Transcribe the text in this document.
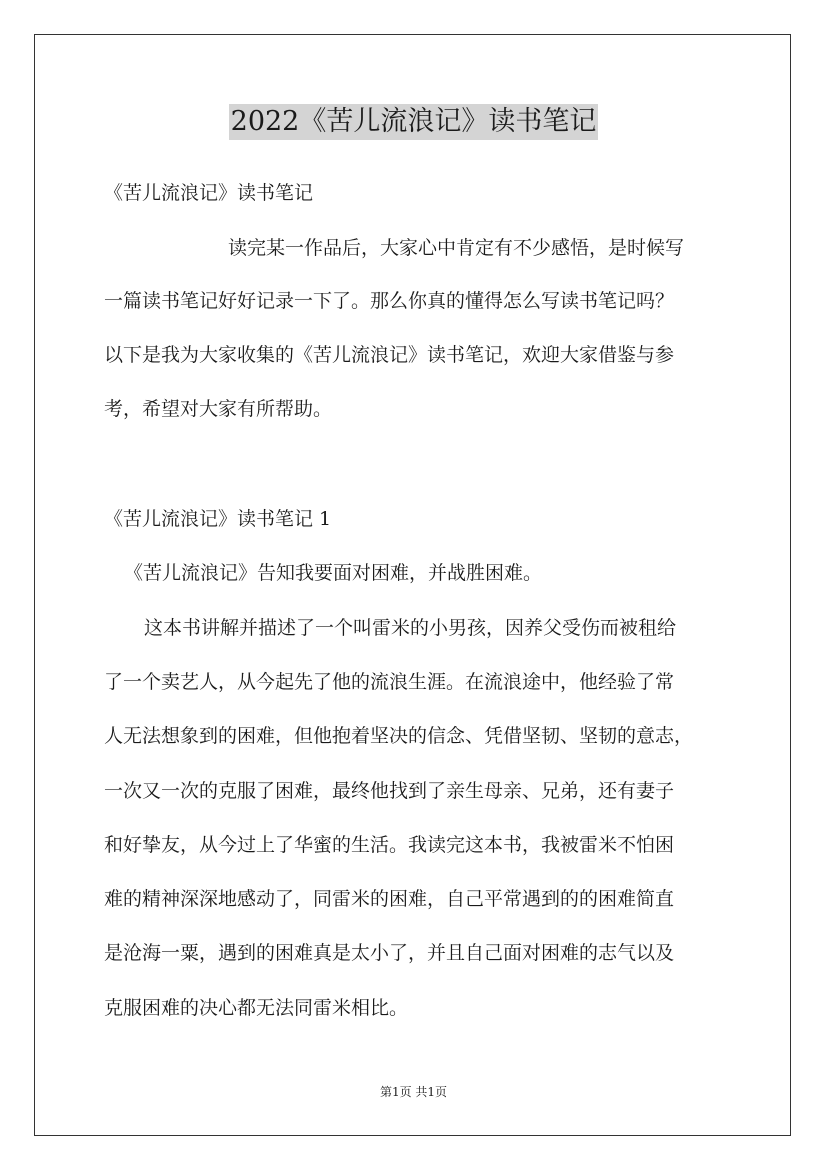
2022《苦儿流浪记》读书笔记
《苦儿流浪记》读书笔记
读完某一作品后，大家心中肯定有不少感悟，是时候写
一篇读书笔记好好记录一下了。那么你真的懂得怎么写读书笔记吗？
以下是我为大家收集的《苦儿流浪记》读书笔记，欢迎大家借鉴与参
考，希望对大家有所帮助。
《苦儿流浪记》读书笔记 1
《苦儿流浪记》告知我要面对困难，并战胜困难。
这本书讲解并描述了一个叫雷米的小男孩，因养父受伤而被租给
了一个卖艺人，从今起先了他的流浪生涯。在流浪途中，他经验了常
人无法想象到的困难，但他抱着坚决的信念、凭借坚韧、坚韧的意志，
一次又一次的克服了困难，最终他找到了亲生母亲、兄弟，还有妻子
和好挚友，从今过上了华蜜的生活。我读完这本书，我被雷米不怕困
难的精神深深地感动了，同雷米的困难，自己平常遇到的的困难简直
是沧海一粟，遇到的困难真是太小了，并且自己面对困难的志气以及
克服困难的决心都无法同雷米相比。
第1页 共1页
